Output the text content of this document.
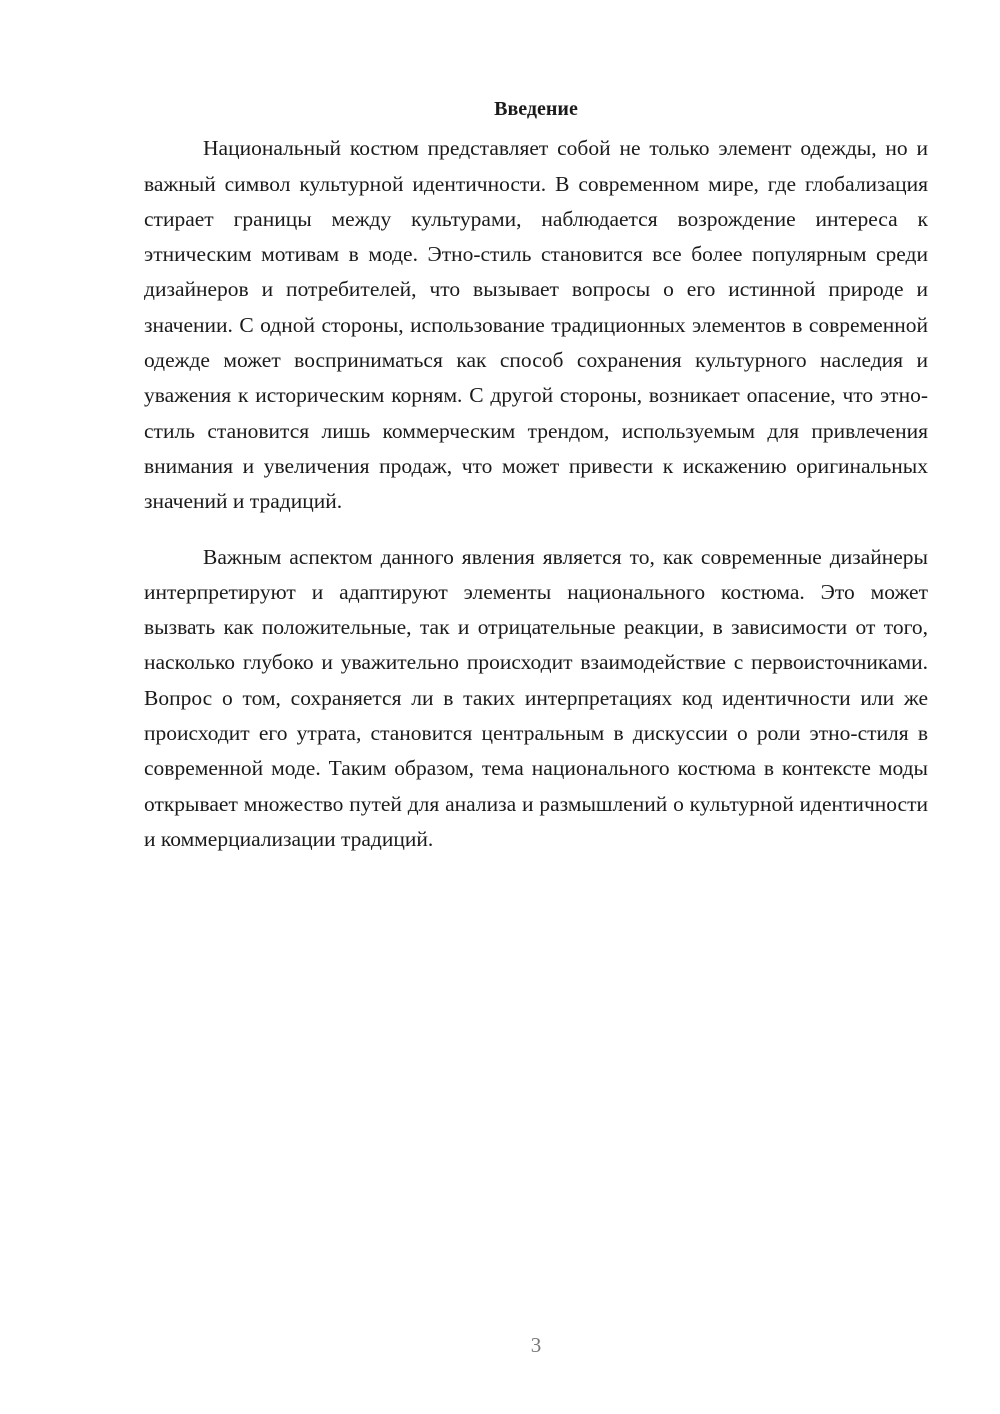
Введение

Национальный костюм представляет собой не только элемент одежды, но и важный символ культурной идентичности. В современном мире, где глобализация стирает границы между культурами, наблюдается возрождение интереса к этническим мотивам в моде. Этно-стиль становится все более популярным среди дизайнеров и потребителей, что вызывает вопросы о его истинной природе и значении. С одной стороны, использование традиционных элементов в современной одежде может восприниматься как способ сохранения культурного наследия и уважения к историческим корням. С другой стороны, возникает опасение, что этно-стиль становится лишь коммерческим трендом, используемым для привлечения внимания и увеличения продаж, что может привести к искажению оригинальных значений и традиций.

Важным аспектом данного явления является то, как современные дизайнеры интерпретируют и адаптируют элементы национального костюма. Это может вызвать как положительные, так и отрицательные реакции, в зависимости от того, насколько глубоко и уважительно происходит взаимодействие с первоисточниками. Вопрос о том, сохраняется ли в таких интерпретациях код идентичности или же происходит его утрата, становится центральным в дискуссии о роли этно-стиля в современной моде. Таким образом, тема национального костюма в контексте моды открывает множество путей для анализа и размышлений о культурной идентичности и коммерциализации традиций.

3
